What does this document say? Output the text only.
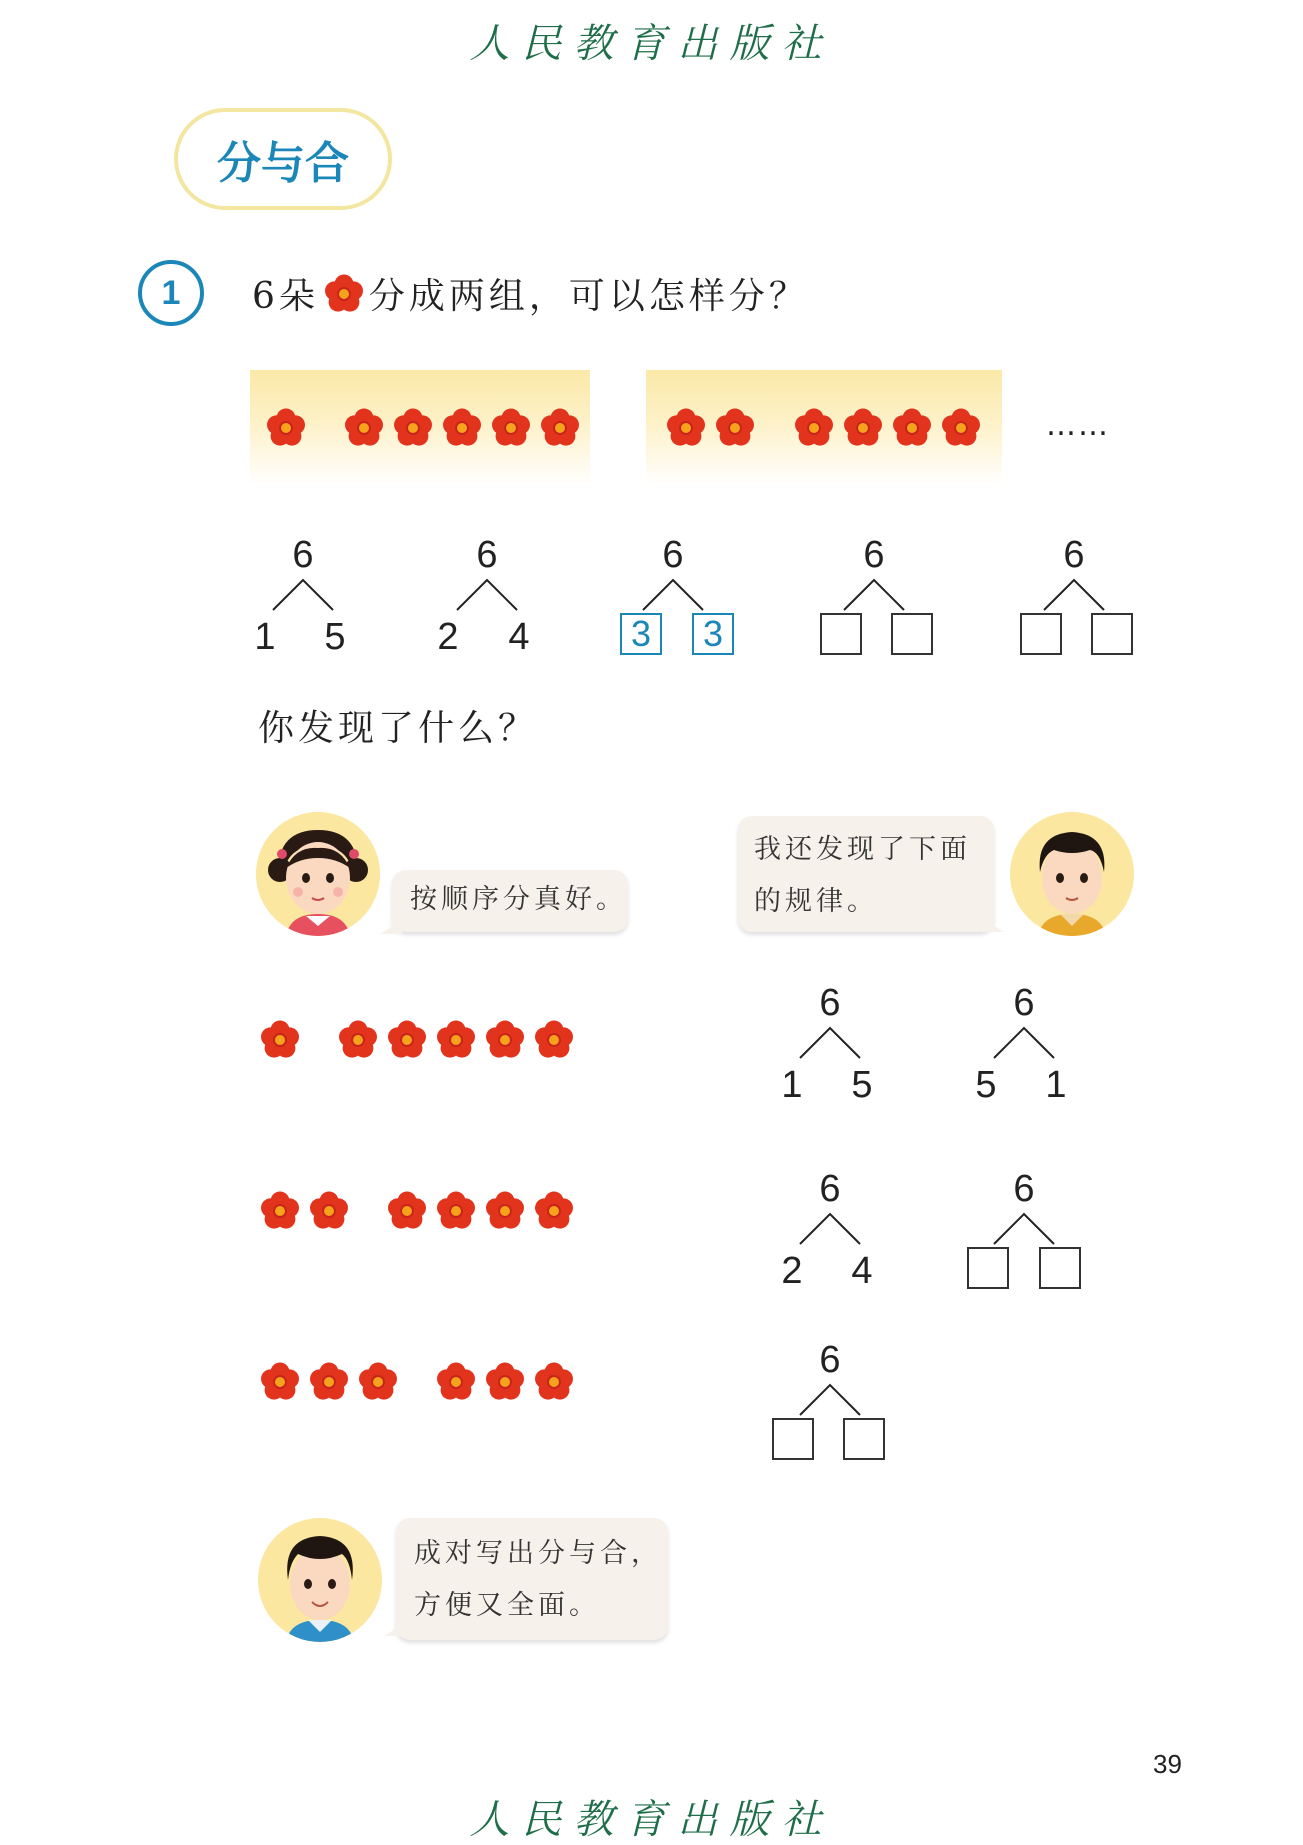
人民教育出版社
分与合
1	6朵 分成两组，可以怎样分？
……
6
1 5
6
2 4
6
3	3
6	6
你发现了什么？
按顺序分真好。
我还发现了下面
的规律。
6
1 5
6
5 1
6
2 4
6
6
成对写出分与合，
方便又全面。
39
人民教育出版社
